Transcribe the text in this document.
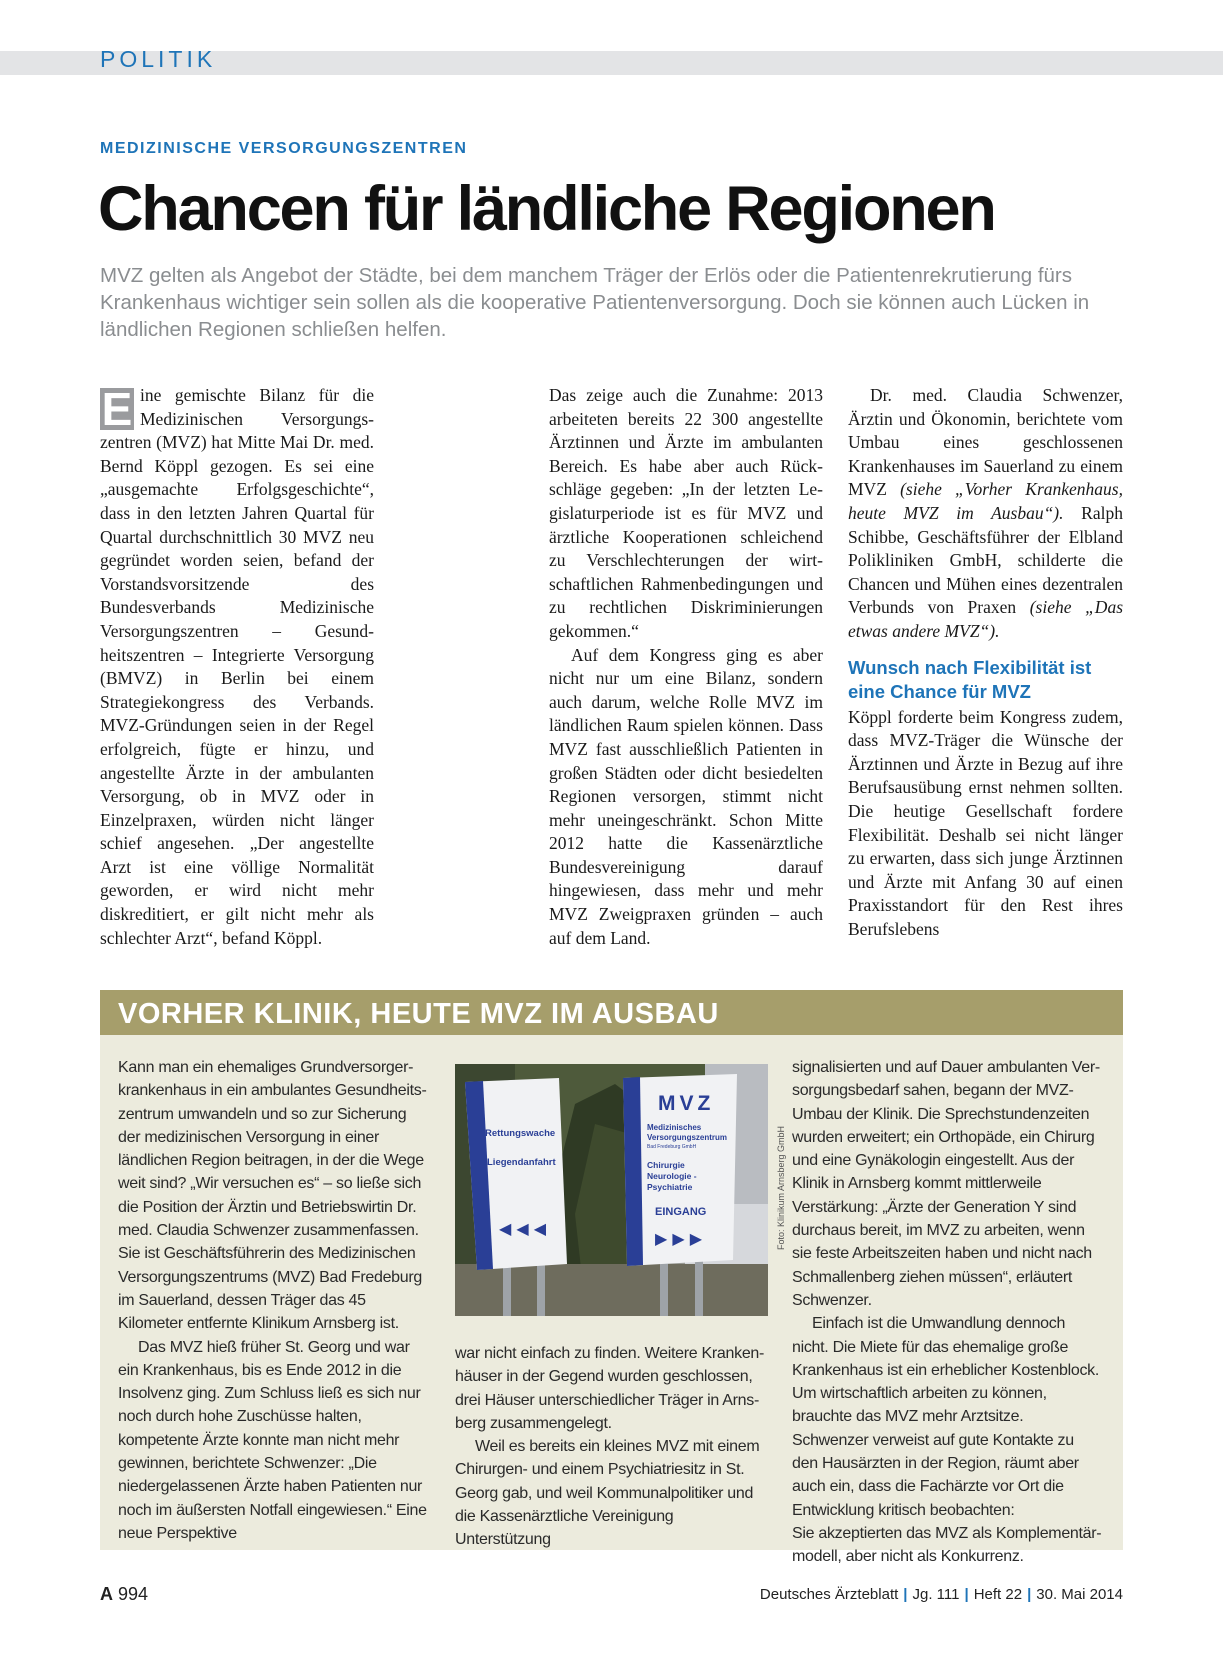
POLITIK
MEDIZINISCHE VERSORGUNGSZENTREN
Chancen für ländliche Regionen
MVZ gelten als Angebot der Städte, bei dem manchem Träger der Erlös oder die Patientenrekrutierung fürs Krankenhaus wichtiger sein sollen als die kooperative Patientenversorgung. Doch sie können auch Lücken in ländlichen Regionen schließen helfen.

E ine gemischte Bilanz für die Medizinischen Versorgungszentren (MVZ) hat Mitte Mai Dr. med. Bernd Köppl gezogen. Es sei eine „ausgemachte Erfolgsgeschichte“, dass in den letzten Jahren Quartal für Quartal durchschnittlich 30 MVZ neu gegründet worden seien, befand der Vorstandsvorsitzende des Bundesverbands Medizinische Versorgungszentren – Gesundheitszentren – Integrierte Versorgung (BMVZ) in Berlin bei einem Strategiekongress des Verbands. MVZ-Gründungen seien in der Regel erfolgreich, fügte er hinzu, und angestellte Ärzte in der ambulanten Versorgung, ob in MVZ oder in Einzelpraxen, würden nicht länger schief angesehen. „Der angestellte Arzt ist eine völlige Normalität geworden, er wird nicht mehr diskreditiert, er gilt nicht mehr als schlechter Arzt“, befand Köppl.

Das zeige auch die Zunahme: 2013 arbeiteten bereits 22 300 angestellte Ärztinnen und Ärzte im ambulanten Bereich. Es habe aber auch Rückschläge gegeben: „In der letzten Legislaturperiode ist es für MVZ und ärztliche Kooperationen schleichend zu Verschlechterungen der wirtschaftlichen Rahmenbedingungen und zu rechtlichen Diskriminierungen gekommen.“

Auf dem Kongress ging es aber nicht nur um eine Bilanz, sondern auch darum, welche Rolle MVZ im ländlichen Raum spielen können. Dass MVZ fast ausschließlich Patienten in großen Städten oder dicht besiedelten Regionen versorgen, stimmt nicht mehr uneingeschränkt. Schon Mitte 2012 hatte die Kassenärztliche Bundesvereinigung darauf hingewiesen, dass mehr und mehr MVZ Zweigpraxen gründen – auch auf dem Land.

Dr. med. Claudia Schwenzer, Ärztin und Ökonomin, berichtete vom Umbau eines geschlossenen Krankenhauses im Sauerland zu einem MVZ (siehe „Vorher Krankenhaus, heute MVZ im Ausbau“). Ralph Schibbe, Geschäftsführer der Elbland Polikliniken GmbH, schilderte die Chancen und Mühen eines dezentralen Verbunds von Praxen (siehe „Das etwas andere MVZ“).

Wunsch nach Flexibilität ist eine Chance für MVZ

Köppl forderte beim Kongress zudem, dass MVZ-Träger die Wünsche der Ärztinnen und Ärzte in Bezug auf ihre Berufsausübung ernst nehmen sollten. Die heutige Gesellschaft fordere Flexibilität. Deshalb sei nicht länger zu erwarten, dass sich junge Ärztinnen und Ärzte mit Anfang 30 auf einen Praxisstandort für den Rest ihres Berufslebens

VORHER KLINIK, HEUTE MVZ IM AUSBAU

Kann man ein ehemaliges Grundversorgerkrankenhaus in ein ambulantes Gesundheitszentrum umwandeln und so zur Sicherung der medizinischen Versorgung in einer ländlichen Region beitragen, in der die Wege weit sind? „Wir versuchen es“ – so ließe sich die Position der Ärztin und Betriebswirtin Dr. med. Claudia Schwenzer zusammenfassen. Sie ist Geschäftsführerin des Medizinischen Versorgungszentrums (MVZ) Bad Fredeburg im Sauerland, dessen Träger das 45 Kilometer entfernte Klinikum Arnsberg ist.

Das MVZ hieß früher St. Georg und war ein Krankenhaus, bis es Ende 2012 in die Insolvenz ging. Zum Schluss ließ es sich nur noch durch hohe Zuschüsse halten, kompetente Ärzte konnte man nicht mehr gewinnen, berichtete Schwenzer: „Die niedergelassenen Ärzte haben Patienten nur noch im äußersten Notfall eingewiesen.“ Eine neue Perspektive

Rettungswache
Liegendanfahrt
◀ ◀ ◀
MVZ
Medizinisches
Versorgungszentrum
Bad Fredeburg GmbH
Chirurgie
Neurologie -
Psychiatrie
EINGANG
▶ ▶ ▶	Foto: Klinikum Arnsberg GmbH

war nicht einfach zu finden. Weitere Krankenhäuser in der Gegend wurden geschlossen, drei Häuser unterschiedlicher Träger in Arnsberg zusammengelegt.

Weil es bereits ein kleines MVZ mit einem Chirurgen- und einem Psychiatriesitz in St. Georg gab, und weil Kommunalpolitiker und die Kassenärztliche Vereinigung Unterstützung

signalisierten und auf Dauer ambulanten Versorgungsbedarf sahen, begann der MVZ-Umbau der Klinik. Die Sprechstundenzeiten wurden erweitert; ein Orthopäde, ein Chirurg und eine Gynäkologin eingestellt. Aus der Klinik in Arnsberg kommt mittlerweile Verstärkung: „Ärzte der Generation Y sind durchaus bereit, im MVZ zu arbeiten, wenn sie feste Arbeitszeiten haben und nicht nach Schmallenberg ziehen müssen“, erläutert Schwenzer.

Einfach ist die Umwandlung dennoch nicht. Die Miete für das ehemalige große Krankenhaus ist ein erheblicher Kostenblock. Um wirtschaftlich arbeiten zu können, brauchte das MVZ mehr Arztsitze. Schwenzer verweist auf gute Kontakte zu den Hausärzten in der Region, räumt aber auch ein, dass die Fachärzte vor Ort die Entwicklung kritisch beobachten:

Sie akzeptierten das MVZ als Komplementärmodell, aber nicht als Konkurrenz.

A 994	Deutsches Ärzteblatt | Jg. 111 | Heft 22 | 30. Mai 2014
